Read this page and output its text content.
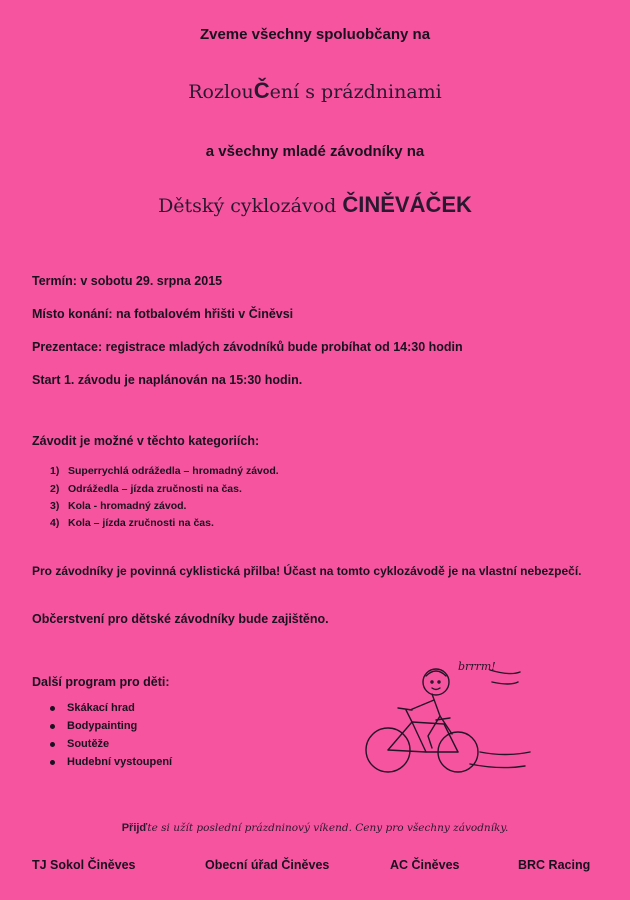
Zveme všechny spoluobčany na
RozlouČení s prázdninami
a všechny mladé závodníky na
Dětský cyklozávod ČINĚVÁČEK
Termín: v sobotu 29. srpna 2015
Místo konání: na fotbalovém hřišti v Činěvsi
Prezentace: registrace mladých závodníků bude probíhat od 14:30 hodin
Start 1. závodu je naplánován na 15:30 hodin.
Závodit je možné v těchto kategoriích:
1) Superrychlá odrážedla – hromadný závod.
2) Odrážedla – jízda zručnosti na čas.
3) Kola - hromadný závod.
4) Kola – jízda zručnosti na čas.
Pro závodníky je povinná cyklistická přilba! Účast na tomto cyklozávodě je na vlastní nebezpečí.
Občerstvení pro dětské závodníky bude zajištěno.
Další program pro děti:
Skákací hrad
Bodypainting
Soutěže
Hudební vystoupení
brrrm!
Přijďte si užít poslední prázdninový víkend. Ceny pro všechny závodníky.
TJ Sokol Činěves	Obecní úřad Činěves	AC Činěves	BRC Racing
